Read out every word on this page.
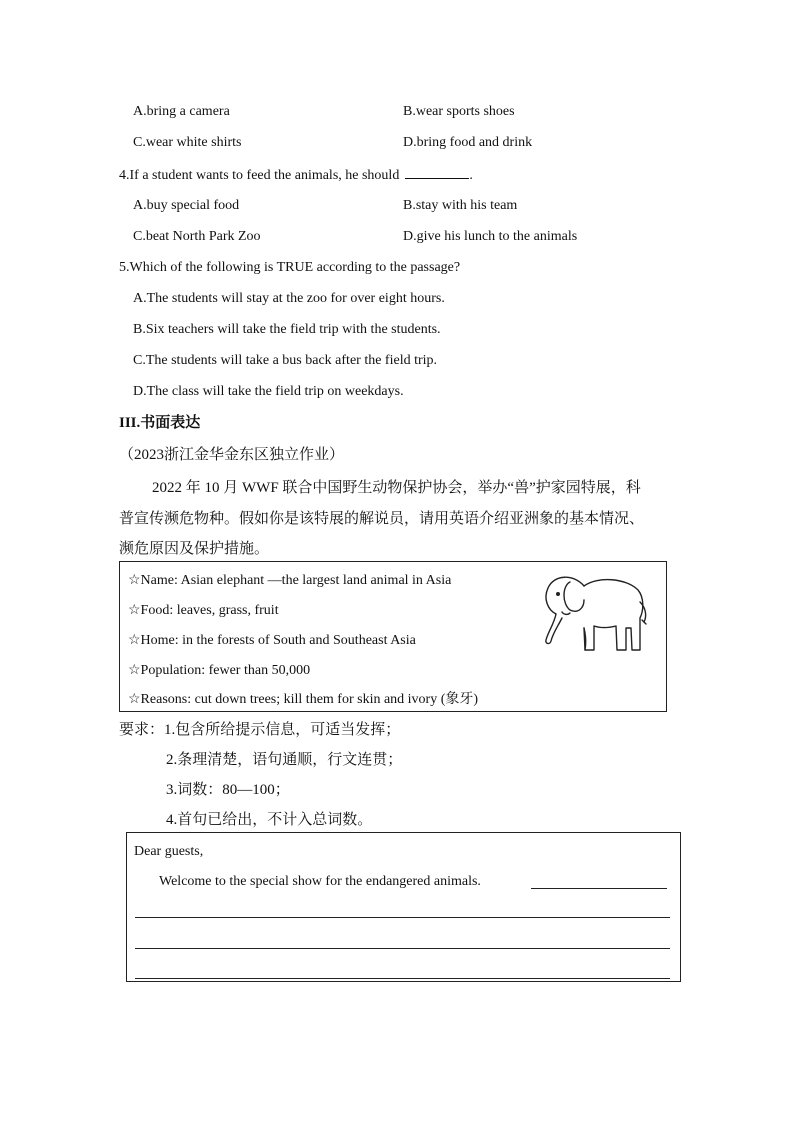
A.bring a camera	B.wear sports shoes
C.wear white shirts	D.bring food and drink
4.If a student wants to feed the animals, he should	.
A.buy special food	B.stay with his team
C.beat North Park Zoo	D.give his lunch to the animals
5.Which of the following is TRUE according to the passage?
A.The students will stay at the zoo for over eight hours.
B.Six teachers will take the field trip with the students.
C.The students will take a bus back after the field trip.
D.The class will take the field trip on weekdays.
III.书面表达
（2023浙江金华金东区独立作业）
2022 年 10 月 WWF 联合中国野生动物保护协会，举办“兽”护家园特展，科
普宣传濒危物种。假如你是该特展的解说员，请用英语介绍亚洲象的基本情况、
濒危原因及保护措施。
☆Name: Asian elephant —the largest land animal in Asia
☆Food: leaves, grass, fruit
☆Home: in the forests of South and Southeast Asia
☆Population: fewer than 50,000
☆Reasons: cut down trees; kill them for skin and ivory (象牙)
要求：1.包含所给提示信息，可适当发挥；
2.条理清楚，语句通顺，行文连贯；
3.词数：80—100；
4.首句已给出，不计入总词数。
Dear guests,
Welcome to the special show for the endangered animals.
